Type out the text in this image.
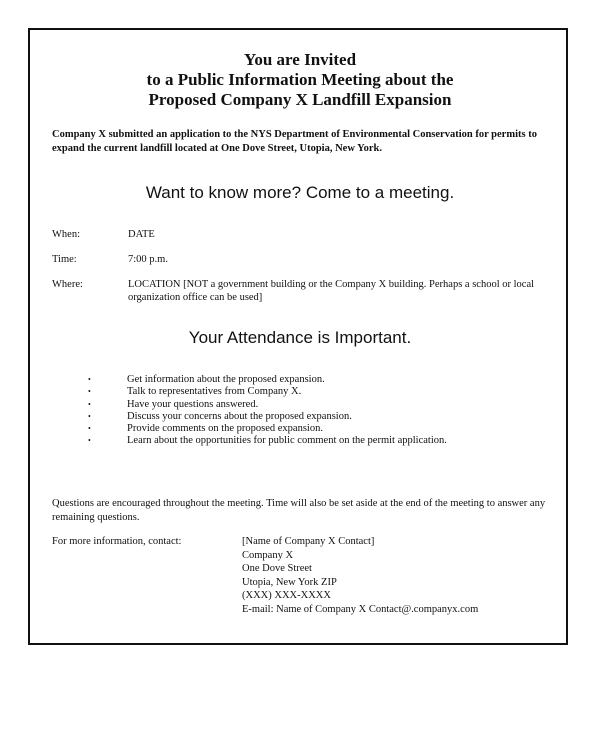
You are Invited
to a Public Information Meeting about the
Proposed Company X Landfill Expansion
Company X submitted an application to the NYS Department of Environmental Conservation for permits to expand the current landfill located at One Dove Street, Utopia, New York.
Want to know more? Come to a meeting.
When:	DATE
Time:	7:00 p.m.
Where:	LOCATION [NOT a government building or the Company X building. Perhaps a school or local organization office can be used]
Your Attendance is Important.
•	Get information about the proposed expansion.
•	Talk to representatives from Company X.
•	Have your questions answered.
•	Discuss your concerns about the proposed expansion.
•	Provide comments on the proposed expansion.
•	Learn about the opportunities for public comment on the permit application.
Questions are encouraged throughout the meeting. Time will also be set aside at the end of the meeting to answer any remaining questions.
For more information, contact:	[Name of Company X Contact]
Company X
One Dove Street
Utopia, New York ZIP
(XXX) XXX-XXXX
E-mail: Name of Company X Contact@.companyx.com
